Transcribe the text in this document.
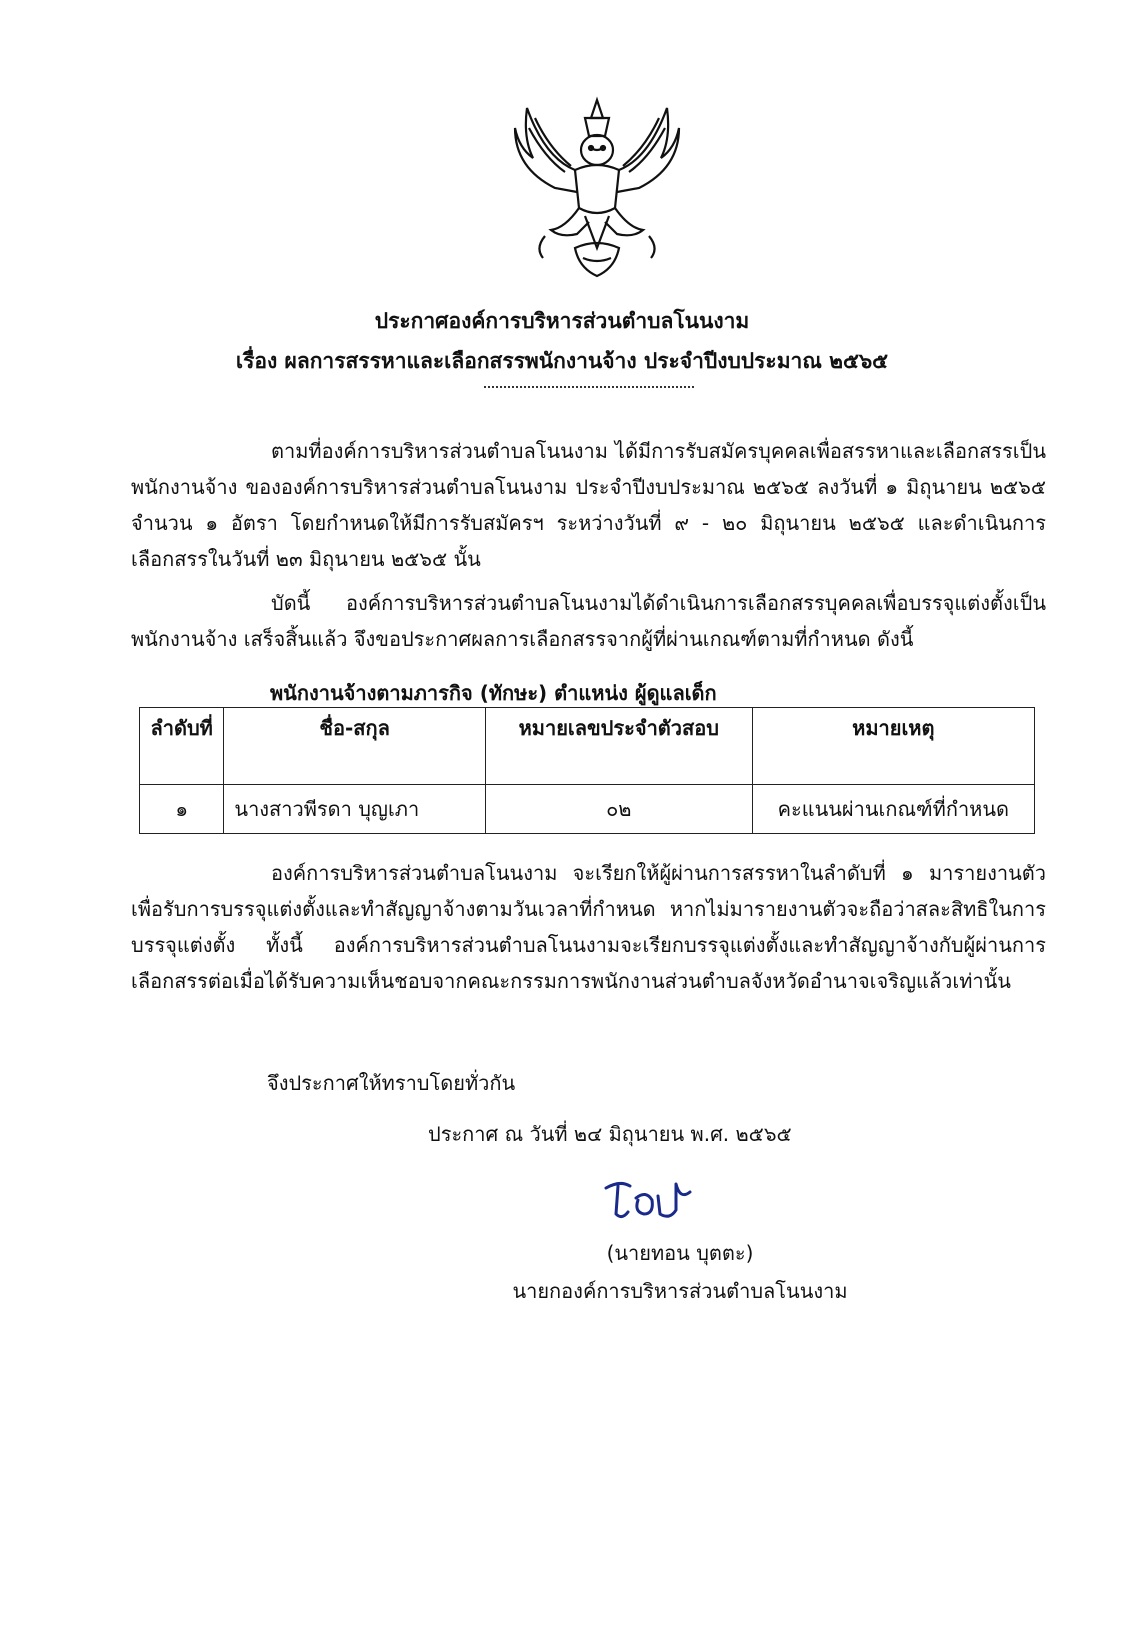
ประกาศองค์การบริหารส่วนตำบลโนนงาม
เรื่อง ผลการสรรหาและเลือกสรรพนักงานจ้าง ประจำปีงบประมาณ ๒๕๖๕
ตามที่องค์การบริหารส่วนตำบลโนนงาม ได้มีการรับสมัครบุคคลเพื่อสรรหาและเลือกสรรเป็นพนักงานจ้าง ขององค์การบริหารส่วนตำบลโนนงาม ประจำปีงบประมาณ ๒๕๖๕ ลงวันที่ ๑ มิถุนายน ๒๕๖๕ จำนวน ๑ อัตรา โดยกำหนดให้มีการรับสมัครฯ ระหว่างวันที่ ๙ - ๒๐ มิถุนายน ๒๕๖๕ และดำเนินการเลือกสรรในวันที่ ๒๓ มิถุนายน ๒๕๖๕ นั้น
บัดนี้ องค์การบริหารส่วนตำบลโนนงามได้ดำเนินการเลือกสรรบุคคลเพื่อบรรจุแต่งตั้งเป็นพนักงานจ้าง เสร็จสิ้นแล้ว จึงขอประกาศผลการเลือกสรรจากผู้ที่ผ่านเกณฑ์ตามที่กำหนด ดังนี้
พนักงานจ้างตามภารกิจ (ทักษะ) ตำแหน่ง ผู้ดูแลเด็ก
ลำดับที่	ชื่อ-สกุล	หมายเลขประจำตัวสอบ	หมายเหตุ
๑	นางสาวพีรดา บุญเภา	๐๒	คะแนนผ่านเกณฑ์ที่กำหนด
องค์การบริหารส่วนตำบลโนนงาม จะเรียกให้ผู้ผ่านการสรรหาในลำดับที่ ๑ มารายงานตัวเพื่อรับการบรรจุแต่งตั้งและทำสัญญาจ้างตามวันเวลาที่กำหนด หากไม่มารายงานตัวจะถือว่าสละสิทธิในการบรรจุแต่งตั้ง ทั้งนี้ องค์การบริหารส่วนตำบลโนนงามจะเรียกบรรจุแต่งตั้งและทำสัญญาจ้างกับผู้ผ่านการเลือกสรรต่อเมื่อได้รับความเห็นชอบจากคณะกรรมการพนักงานส่วนตำบลจังหวัดอำนาจเจริญแล้วเท่านั้น
จึงประกาศให้ทราบโดยทั่วกัน
ประกาศ ณ วันที่ ๒๔ มิถุนายน พ.ศ. ๒๕๖๕
(นายทอน บุตตะ)
นายกองค์การบริหารส่วนตำบลโนนงาม
